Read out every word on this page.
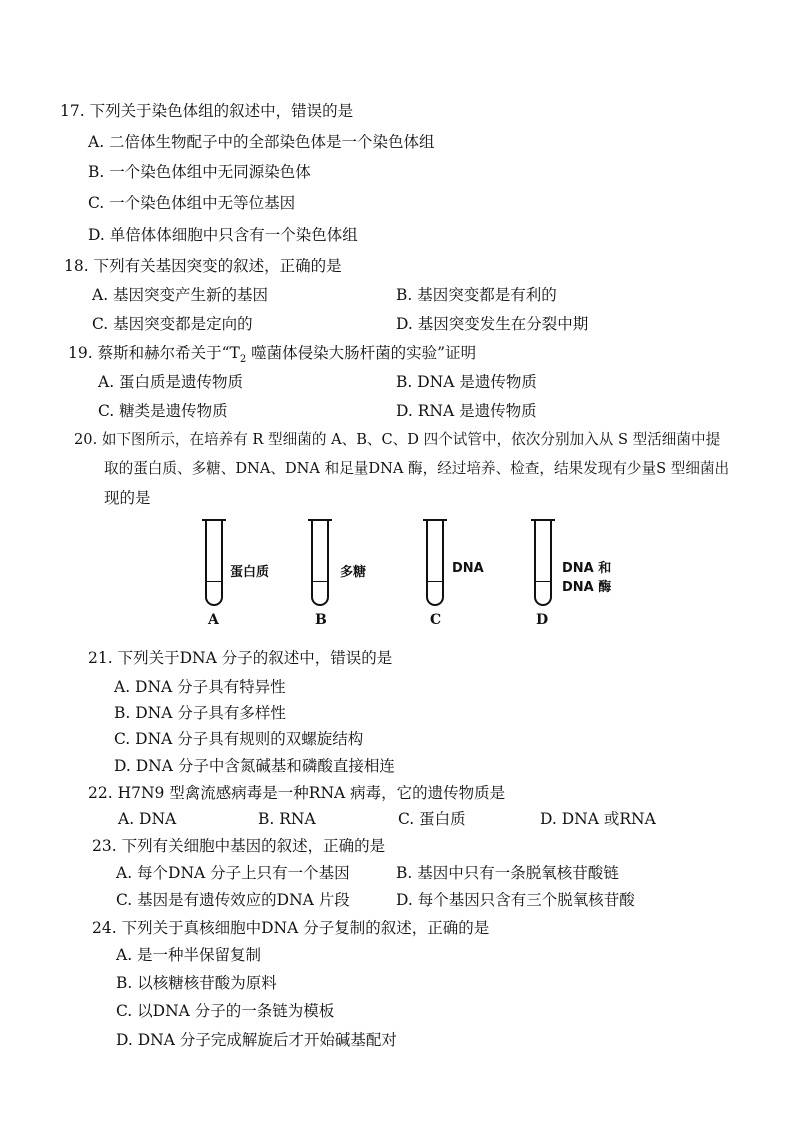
17. 下列关于染色体组的叙述中，错误的是
A. 二倍体生物配子中的全部染色体是一个染色体组
B. 一个染色体组中无同源染色体
C. 一个染色体组中无等位基因
D. 单倍体体细胞中只含有一个染色体组
18. 下列有关基因突变的叙述，正确的是
A. 基因突变产生新的基因	B. 基因突变都是有利的
C. 基因突变都是定向的	D. 基因突变发生在分裂中期
19. 蔡斯和赫尔希关于“$T_2$ 噬菌体侵染大肠杆菌的实验”证明
A. 蛋白质是遗传物质	B. DNA 是遗传物质
C. 糖类是遗传物质	D. RNA 是遗传物质
20. 如下图所示，在培养有 R 型细菌的 A、B、C、D 四个试管中，依次分别加入从 S 型活细菌中提
取的蛋白质、多糖、DNA、DNA 和足量DNA 酶，经过培养、检查，结果发现有少量S 型细菌出
现的是
蛋白质
A
多糖
B
DNA
C
DNA 和
DNA 酶
D
21. 下列关于DNA 分子的叙述中，错误的是
A. DNA 分子具有特异性
B. DNA 分子具有多样性
C. DNA 分子具有规则的双螺旋结构
D. DNA 分子中含氮碱基和磷酸直接相连
22. H7N9 型禽流感病毒是一种RNA 病毒，它的遗传物质是
A. DNA	B. RNA	C. 蛋白质	D. DNA 或RNA
23. 下列有关细胞中基因的叙述，正确的是
A. 每个DNA 分子上只有一个基因	B. 基因中只有一条脱氧核苷酸链
C. 基因是有遗传效应的DNA 片段	D. 每个基因只含有三个脱氧核苷酸
24. 下列关于真核细胞中DNA 分子复制的叙述，正确的是
A. 是一种半保留复制
B. 以核糖核苷酸为原料
C. 以DNA 分子的一条链为模板
D. DNA 分子完成解旋后才开始碱基配对
